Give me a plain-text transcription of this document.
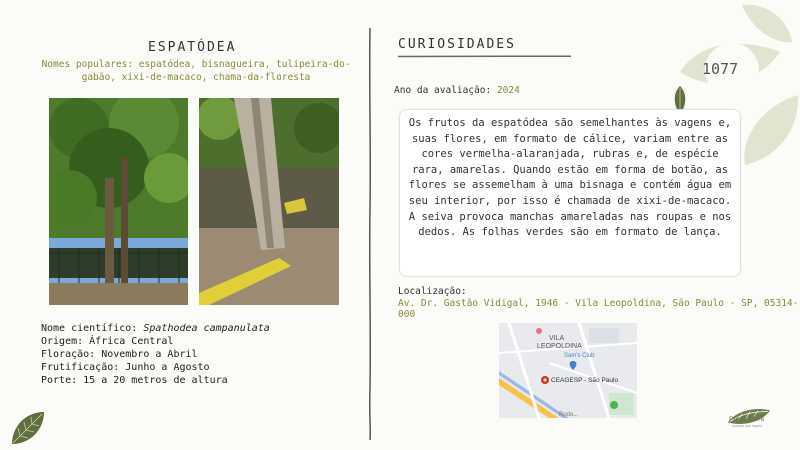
1077
ESPATÓDEA
Nomes populares: espatódea, bisnagueira, tulipeira-do-gabão, xixi-de-macaco, chama-da-floresta
Nome científico: Spathodea campanulata
Origem: África Central
Floração: Novembro a Abril
Frutificação: Junho a Agosto
Porte: 15 a 20 metros de altura
CURIOSIDADES
Ano da avaliação: 2024
Os frutos da espatódea são semelhantes às vagens e, suas flores, em formato de cálice, variam entre as cores vermelha-alaranjada, rubras e, de espécie rara, amarelas. Quando estão em forma de botão, as flores se assemelham à uma bisnaga e contém água em seu interior, por isso é chamada de xixi-de-macaco. A seiva provoca manchas amareladas nas roupas e nos dedos. As folhas verdes são em formato de lança.
Localização:
Av. Dr. Gastão Vidigal, 1946 - Vila Leopoldina, São Paulo - SP, 05314-000
VILA
LEOPOLDINA
Sam's Club
CEAGESP - São Paulo
Rodo...
Plant Core
a planta que inspira
